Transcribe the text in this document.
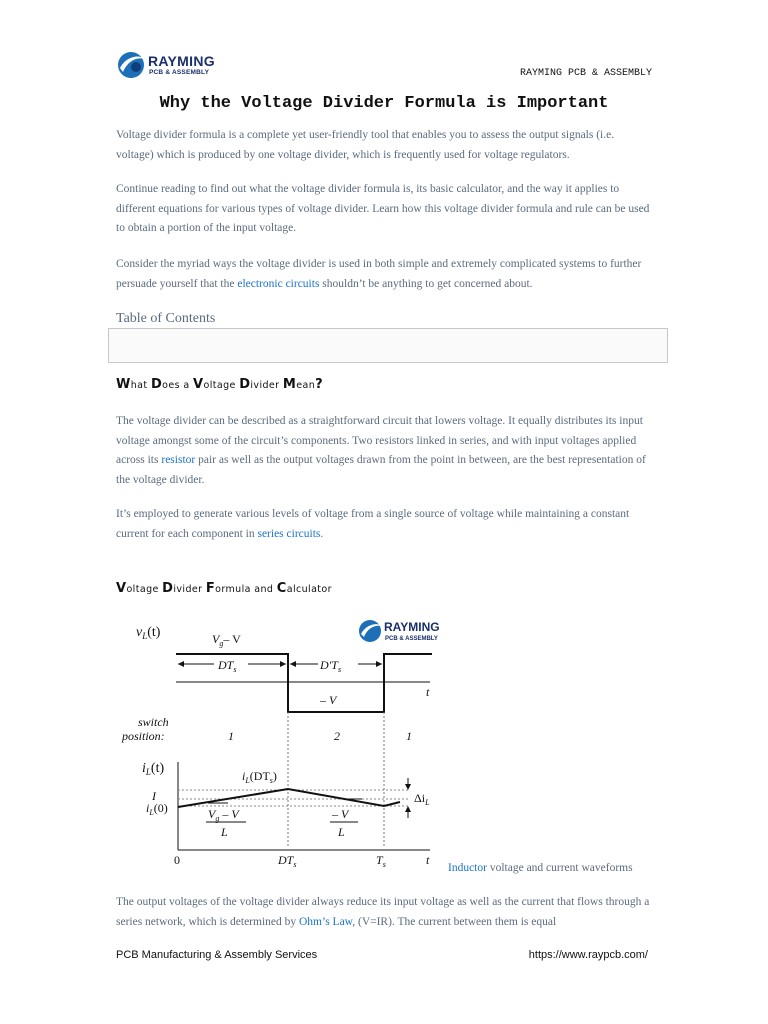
RAYMING
PCB & ASSEMBLY	RAYMING PCB & ASSEMBLY
Why the Voltage Divider Formula is Important

Voltage divider formula is a complete yet user-friendly tool that enables you to assess the output signals (i.e. voltage) which is produced by one voltage divider, which is frequently used for voltage regulators.

Continue reading to find out what the voltage divider formula is, its basic calculator, and the way it applies to different equations for various types of voltage divider. Learn how this voltage divider formula and rule can be used to obtain a portion of the input voltage.

Consider the myriad ways the voltage divider is used in both simple and extremely complicated systems to further persuade yourself that the electronic circuits shouldn’t be anything to get concerned about.

Table of Contents
What Does a Voltage Divider Mean?

The voltage divider can be described as a straightforward circuit that lowers voltage. It equally distributes its input voltage amongst some of the circuit’s components. Two resistors linked in series, and with input voltages applied across its resistor pair as well as the output voltages drawn from the point in between, are the best representation of the voltage divider.

It’s employed to generate various levels of voltage from a single source of voltage while maintaining a constant current for each component in series circuits.

Voltage Divider Formula and Calculator
RAYMING
PCB & ASSEMBLY
$v_L(t)$
t
$V_g-$ V
$DT_s$	$D'T_s$
– V
switch
position:	1	2	1
$i_L(t)$
t
$i_L(DT_s)$
I
$i_L(0)$
$\Delta i_L$
$V_g$ – V
L
– V
L
0	$DT_s$	$T_s$	Inductor voltage and current waveforms

The output voltages of the voltage divider always reduce its input voltage as well as the current that flows through a series network, which is determined by Ohm’s Law, (V=IR). The current between them is equal

PCB Manufacturing & Assembly Services	https://www.raypcb.com/
